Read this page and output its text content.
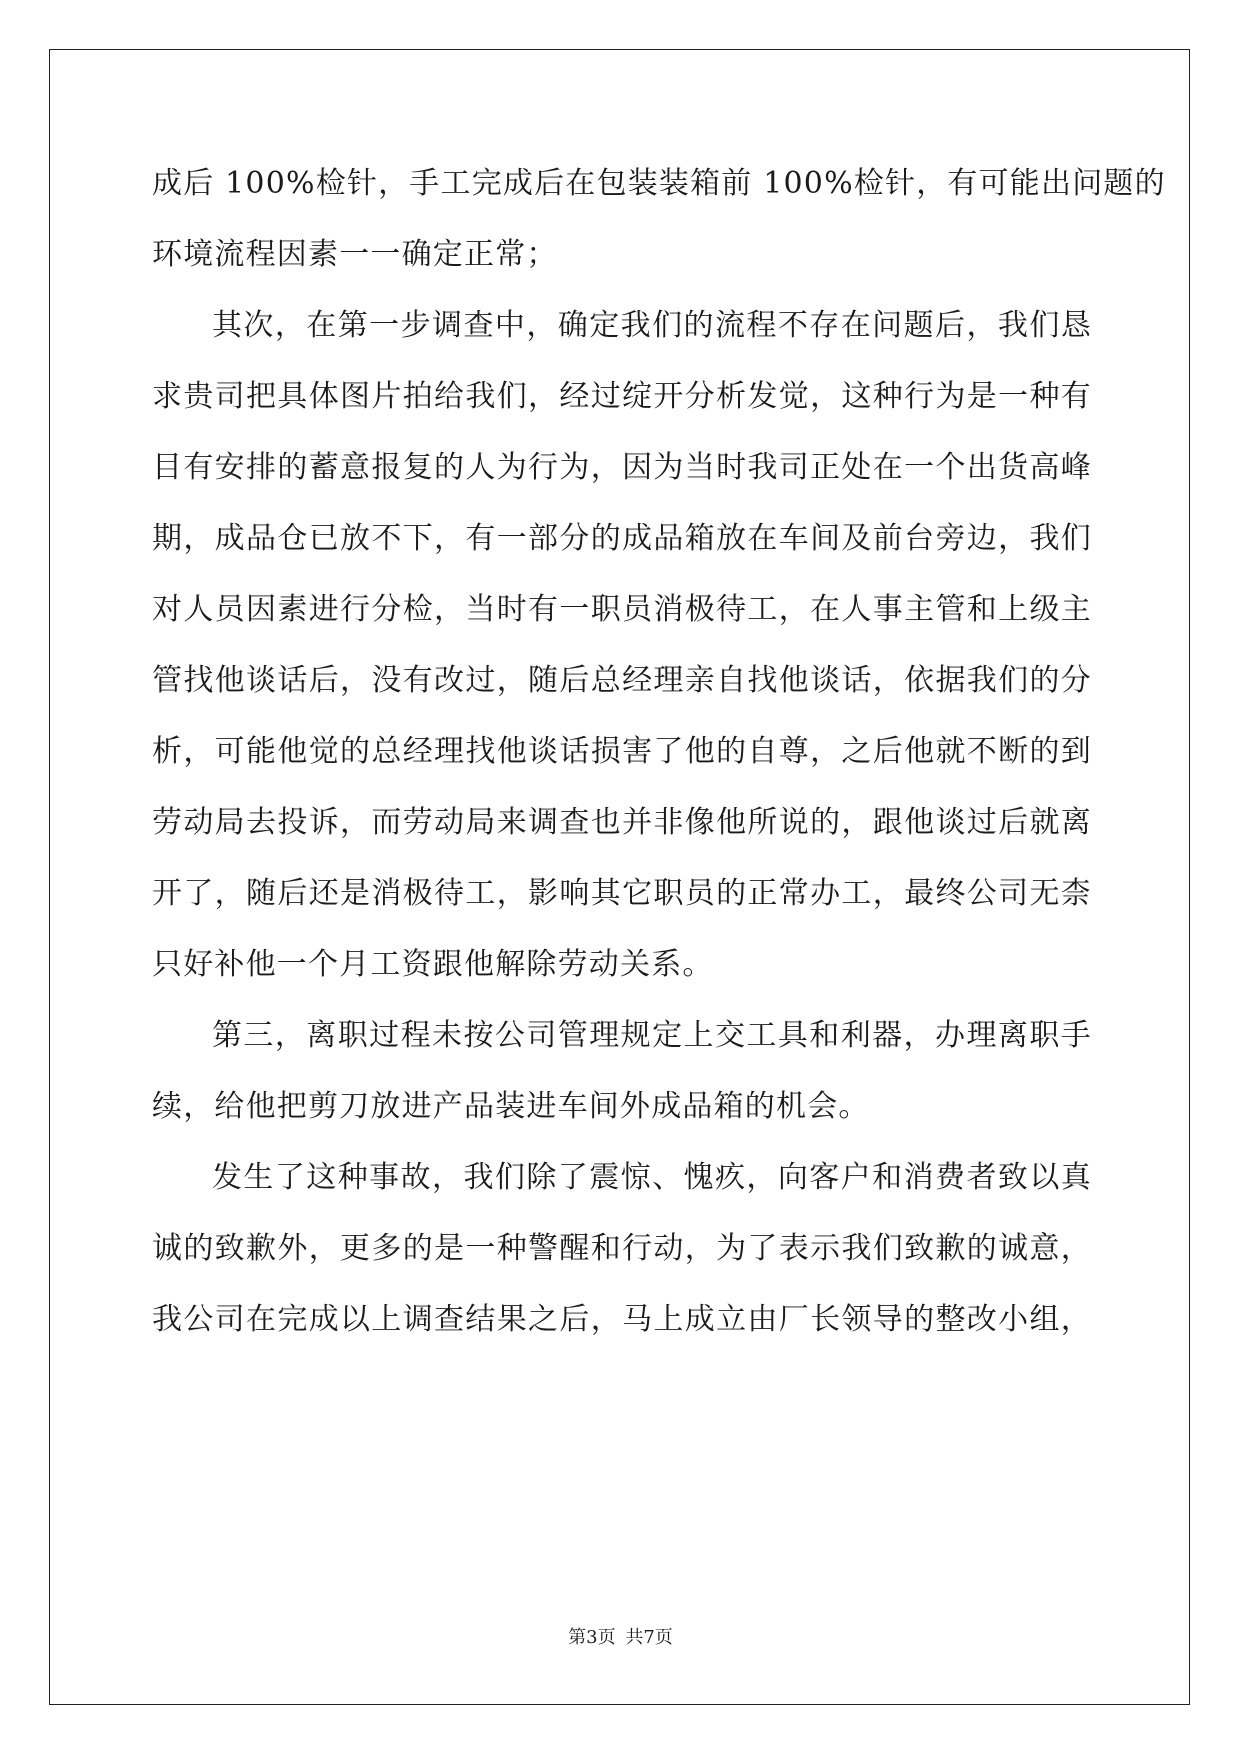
成后 100%检针，手工完成后在包装装箱前 100%检针，有可能出问题的
环境流程因素一一确定正常；
其次，在第一步调查中，确定我们的流程不存在问题后，我们恳
求贵司把具体图片拍给我们，经过绽开分析发觉，这种行为是一种有
目有安排的蓄意报复的人为行为，因为当时我司正处在一个出货高峰
期，成品仓已放不下，有一部分的成品箱放在车间及前台旁边，我们
对人员因素进行分检，当时有一职员消极待工，在人事主管和上级主
管找他谈话后，没有改过，随后总经理亲自找他谈话，依据我们的分
析，可能他觉的总经理找他谈话损害了他的自尊，之后他就不断的到
劳动局去投诉，而劳动局来调查也并非像他所说的，跟他谈过后就离
开了，随后还是消极待工，影响其它职员的正常办工，最终公司无柰
只好补他一个月工资跟他解除劳动关系。
第三，离职过程未按公司管理规定上交工具和利器，办理离职手
续，给他把剪刀放进产品装进车间外成品箱的机会。
发生了这种事故，我们除了震惊、愧疚，向客户和消费者致以真
诚的致歉外，更多的是一种警醒和行动，为了表示我们致歉的诚意，
我公司在完成以上调查结果之后，马上成立由厂长领导的整改小组，
第3页 共7页
